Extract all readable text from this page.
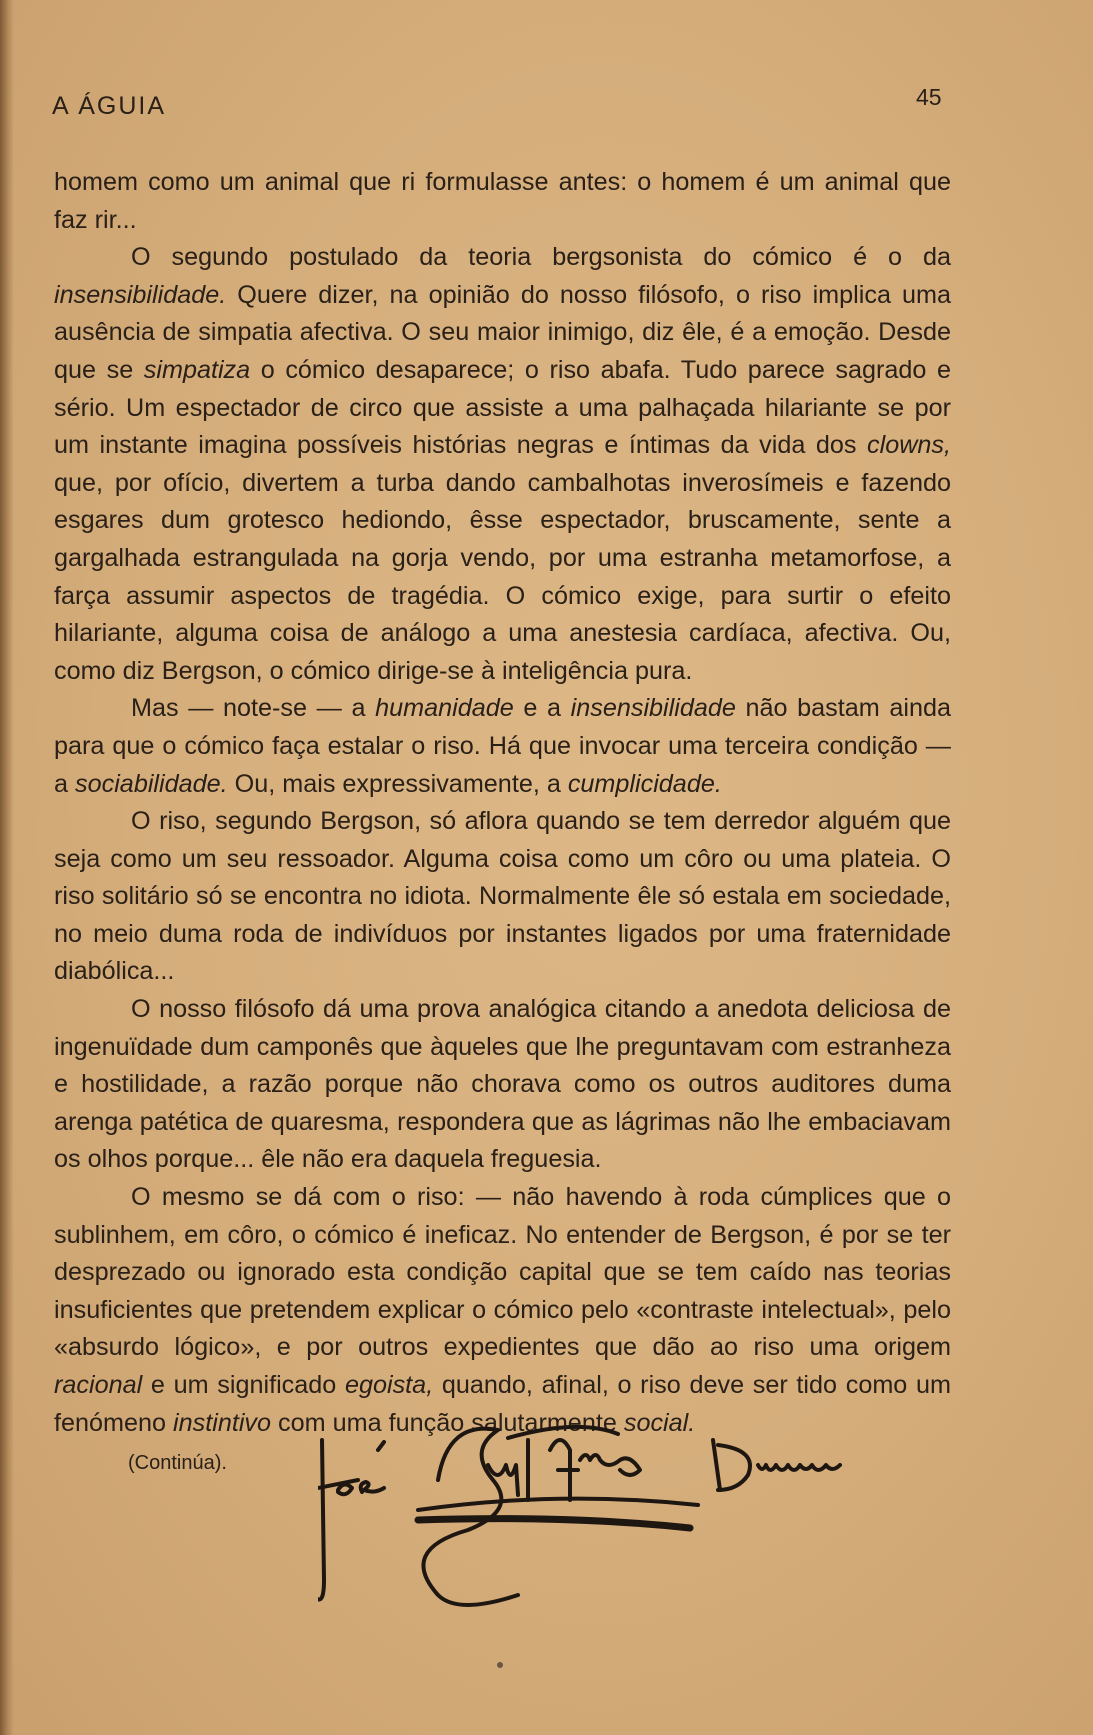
A ÁGUIA	45

homem como um animal que ri formulasse antes: o homem é um animal que faz rir...

O segundo postulado da teoria bergsonista do cómico é o da insensibilidade. Quere dizer, na opinião do nosso filósofo, o riso implica uma ausência de simpatia afectiva. O seu maior inimigo, diz êle, é a emoção. Desde que se simpatiza o cómico desaparece; o riso abafa. Tudo parece sagrado e sério. Um espectador de circo que assiste a uma palhaçada hilariante se por um instante imagina possíveis histórias negras e íntimas da vida dos clowns, que, por ofício, divertem a turba dando cambalhotas inverosímeis e fazendo esgares dum grotesco hediondo, êsse espectador, bruscamente, sente a gargalhada estrangulada na gorja vendo, por uma estranha metamorfose, a farça assumir aspectos de tragédia. O cómico exige, para surtir o efeito hilariante, alguma coisa de análogo a uma anestesia cardíaca, afectiva. Ou, como diz Bergson, o cómico dirige-se à inteligência pura.

Mas — note-se — a humanidade e a insensibilidade não bastam ainda para que o cómico faça estalar o riso. Há que invocar uma terceira condição — a sociabilidade. Ou, mais expressivamente, a cumplicidade.

O riso, segundo Bergson, só aflora quando se tem derredor alguém que seja como um seu ressoador. Alguma coisa como um côro ou uma plateia. O riso solitário só se encontra no idiota. Normalmente êle só estala em sociedade, no meio duma roda de indivíduos por instantes ligados por uma fraternidade diabólica...

O nosso filósofo dá uma prova analógica citando a anedota deliciosa de ingenuïdade dum camponês que àqueles que lhe preguntavam com estranheza e hostilidade, a razão porque não chorava como os outros auditores duma arenga patética de quaresma, respondera que as lágrimas não lhe embaciavam os olhos porque... êle não era daquela freguesia.

O mesmo se dá com o riso: — não havendo à roda cúmplices que o sublinhem, em côro, o cómico é ineficaz. No entender de Bergson, é por se ter desprezado ou ignorado esta condição capital que se tem caído nas teorias insuficientes que pretendem explicar o cómico pelo «contraste intelectual», pelo «absurdo lógico», e por outros expedientes que dão ao riso uma origem racional e um significado egoista, quando, afinal, o riso deve ser tido como um fenómeno instintivo com uma função salutarmente social.

(Continúa).
